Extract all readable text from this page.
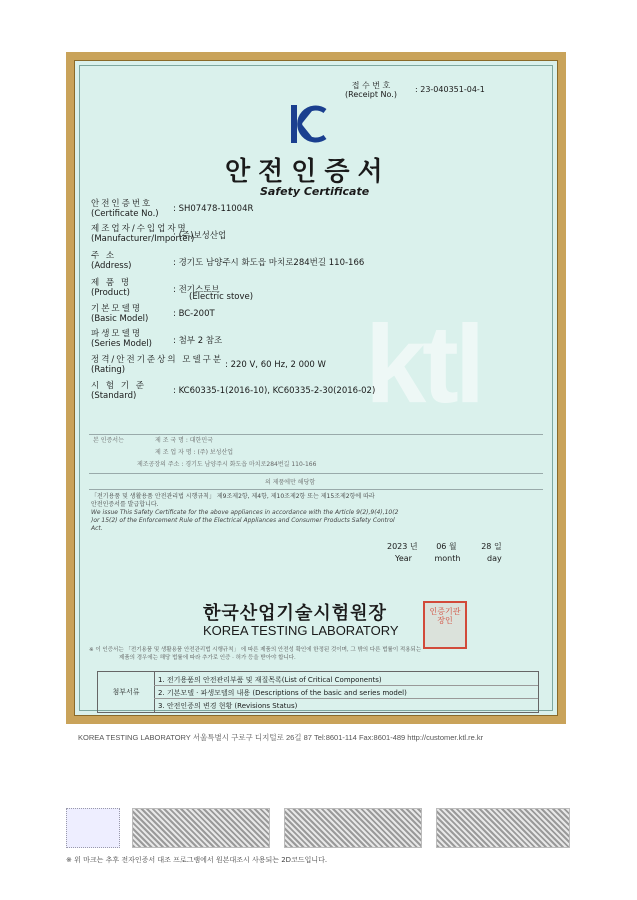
ktl
접 수 번 호
(Receipt No.)
: 23-040351-04-1
안전인증서
Safety Certificate
안전인증번호
(Certificate No.) : SH07478-11004R
제조업자/수입업자명
(Manufacturer/Importer)
: (주)보성산업
주 소
(Address)	: 경기도 남양주시 화도읍 마치로284번길 110-166
제 품 명
(Product)	: 전기스토브
(Electric stove)
기본모델명
(Basic Model)	: BC-200T
파생모델명
(Series Model) : 첨부 2 참조
정격/안전기준상의 모델구분
(Rating)	: 220 V, 60 Hz, 2 000 W
시 험 기 준
(Standard)	: KC60335-1(2016-10), KC60335-2-30(2016-02)
본 인증서는	제 조 국 명 : 대한민국
제 조 업 자 명 : (주) 보성산업
제조공장의 주소 : 경기도 남양주시 화도읍 마치로284번길 110-166
의 제품에만 해당함
「전기용품 및 생활용품 안전관리법 시행규칙」 제9조제2항, 제4항, 제10조제2항 또는 제15조제2항에 따라
안전인증서를 발급합니다.
We issue This Safety Certificate for the above appliances in accordance with the Article 9(2),9(4),10(2
)or 15(2) of the Enforcement Rule of the Electrical Appliances and Consumer Products Safety Control
Act.
2023 년 06 월	28 일
Year	month	day
한국산업기술시험원장
KOREA TESTING LABORATORY
인증기관 장인
※ 이 인증서는 「전기용품 및 생활용품 안전관리법 시행규칙」 에 따른 제품의 안전성 확인에 한정된 것이며, 그 밖의 다른 법률이 적용되는
제품의 경우에는 해당 법률에 따라 추가로 인증 · 허가 등을 받아야 합니다.
첨부서류
1. 전기용품의 안전관리부품 및 재질목록(List of Critical Components)
2. 기본모델 · 파생모델의 내용 (Descriptions of the basic and series model)
3. 안전인증의 변경 현황 (Revisions Status)
KOREA TESTING LABORATORY 서울특별시 구로구 디지털로 26길 87 Tel:8601-114 Fax:8601-489 http://customer.ktl.re.kr
※ 위 마크는 추후 전자인증서 대조 프로그램에서 원본대조시 사용되는 2D코드입니다.
